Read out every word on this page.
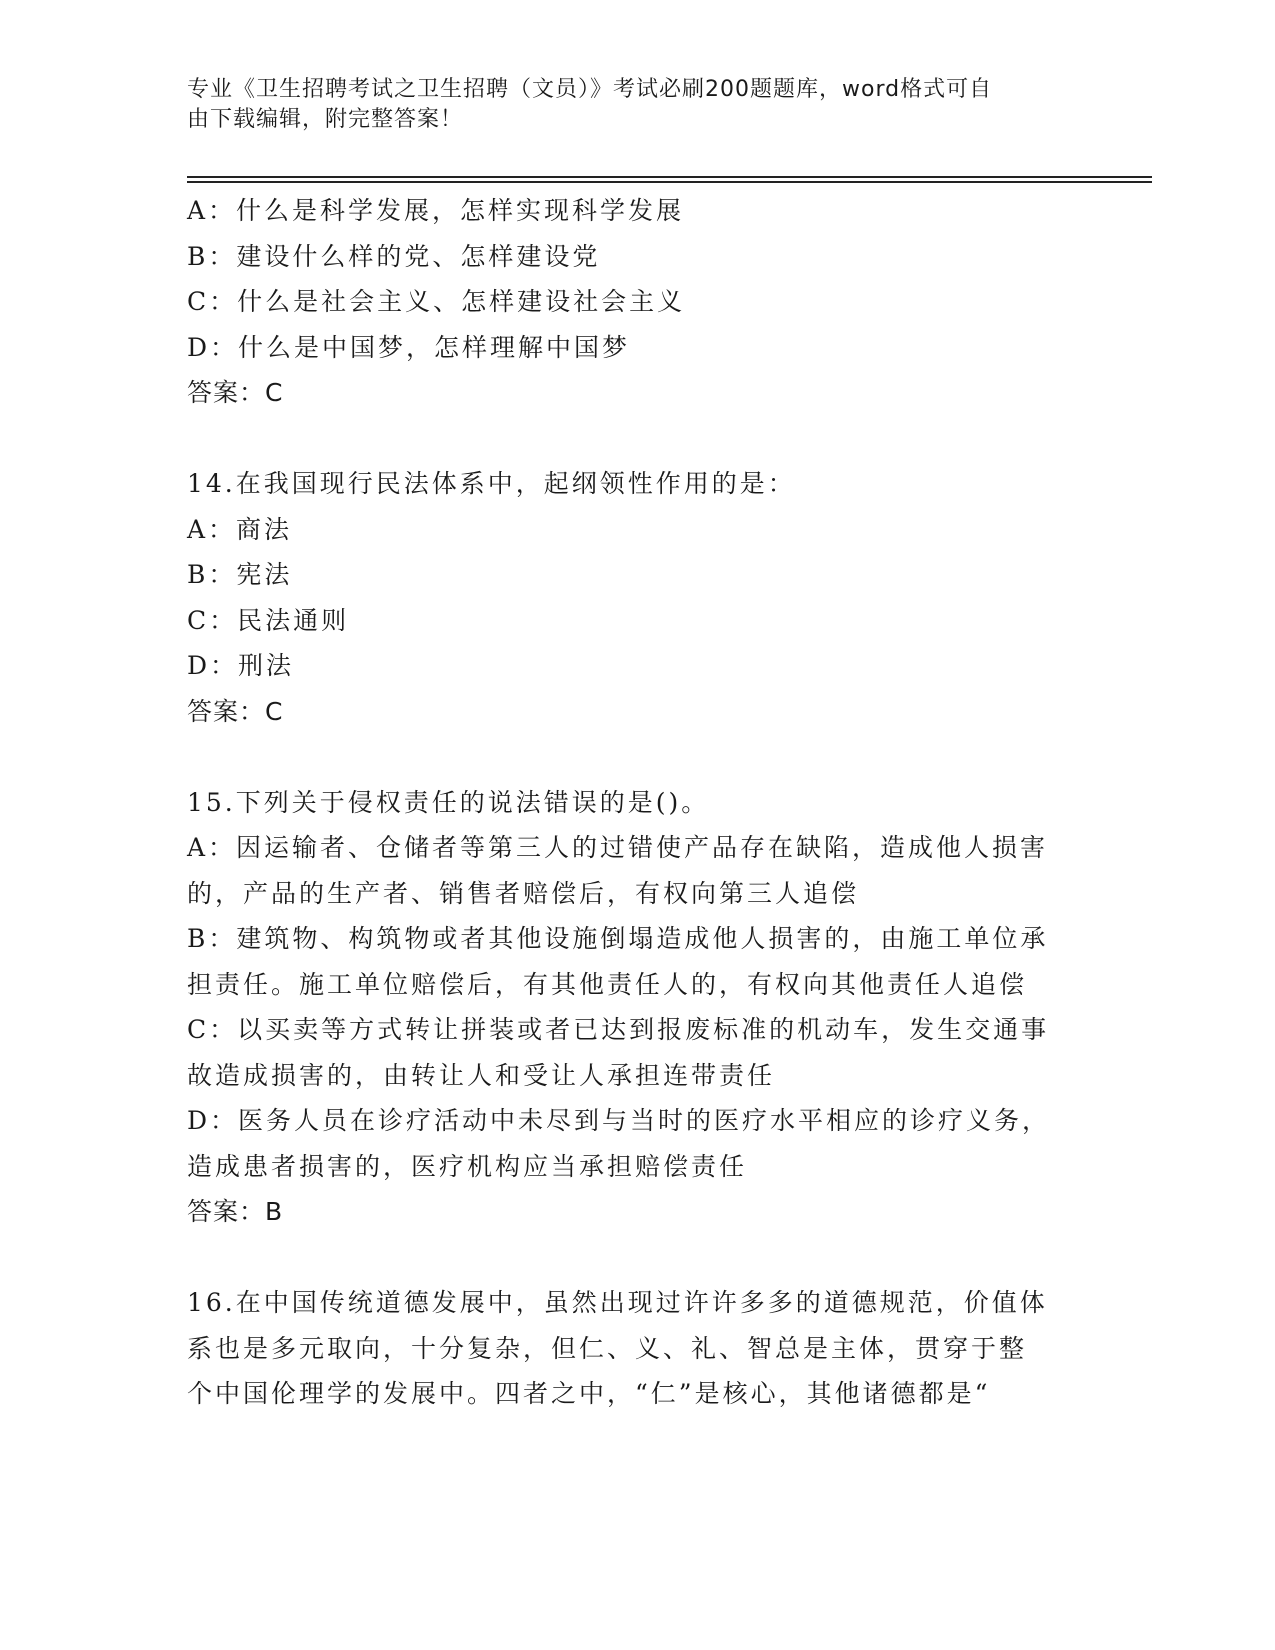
专业《卫生招聘考试之卫生招聘（文员）》考试必刷200题题库，word格式可自
由下载编辑，附完整答案！

A：什么是科学发展，怎样实现科学发展

B：建设什么样的党、怎样建设党

C：什么是社会主义、怎样建设社会主义

D：什么是中国梦，怎样理解中国梦

答案：C

14.在我国现行民法体系中，起纲领性作用的是：

A：商法

B：宪法

C：民法通则

D：刑法

答案：C

15.下列关于侵权责任的说法错误的是()。

A：因运输者、仓储者等第三人的过错使产品存在缺陷，造成他人损害

的，产品的生产者、销售者赔偿后，有权向第三人追偿

B：建筑物、构筑物或者其他设施倒塌造成他人损害的，由施工单位承

担责任。施工单位赔偿后，有其他责任人的，有权向其他责任人追偿

C：以买卖等方式转让拼装或者已达到报废标准的机动车，发生交通事

故造成损害的，由转让人和受让人承担连带责任

D：医务人员在诊疗活动中未尽到与当时的医疗水平相应的诊疗义务，

造成患者损害的，医疗机构应当承担赔偿责任

答案：B

16.在中国传统道德发展中，虽然出现过许许多多的道德规范，价值体

系也是多元取向，十分复杂，但仁、义、礼、智总是主体，贯穿于整

个中国伦理学的发展中。四者之中，“仁”是核心，其他诸德都是“
